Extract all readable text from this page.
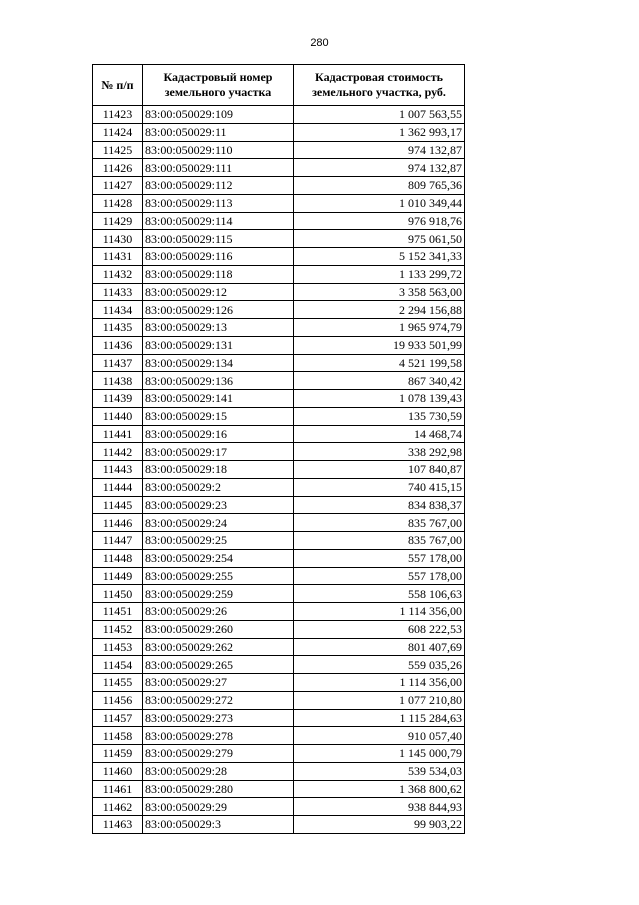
280
№ п/п	Кадастровый номер земельного участка	Кадастровая стоимость земельного участка, руб.
11423	83:00:050029:109	1 007 563,55
11424	83:00:050029:11	1 362 993,17
11425	83:00:050029:110	974 132,87
11426	83:00:050029:111	974 132,87
11427	83:00:050029:112	809 765,36
11428	83:00:050029:113	1 010 349,44
11429	83:00:050029:114	976 918,76
11430	83:00:050029:115	975 061,50
11431	83:00:050029:116	5 152 341,33
11432	83:00:050029:118	1 133 299,72
11433	83:00:050029:12	3 358 563,00
11434	83:00:050029:126	2 294 156,88
11435	83:00:050029:13	1 965 974,79
11436	83:00:050029:131	19 933 501,99
11437	83:00:050029:134	4 521 199,58
11438	83:00:050029:136	867 340,42
11439	83:00:050029:141	1 078 139,43
11440	83:00:050029:15	135 730,59
11441	83:00:050029:16	14 468,74
11442	83:00:050029:17	338 292,98
11443	83:00:050029:18	107 840,87
11444	83:00:050029:2	740 415,15
11445	83:00:050029:23	834 838,37
11446	83:00:050029:24	835 767,00
11447	83:00:050029:25	835 767,00
11448	83:00:050029:254	557 178,00
11449	83:00:050029:255	557 178,00
11450	83:00:050029:259	558 106,63
11451	83:00:050029:26	1 114 356,00
11452	83:00:050029:260	608 222,53
11453	83:00:050029:262	801 407,69
11454	83:00:050029:265	559 035,26
11455	83:00:050029:27	1 114 356,00
11456	83:00:050029:272	1 077 210,80
11457	83:00:050029:273	1 115 284,63
11458	83:00:050029:278	910 057,40
11459	83:00:050029:279	1 145 000,79
11460	83:00:050029:28	539 534,03
11461	83:00:050029:280	1 368 800,62
11462	83:00:050029:29	938 844,93
11463	83:00:050029:3	99 903,22
